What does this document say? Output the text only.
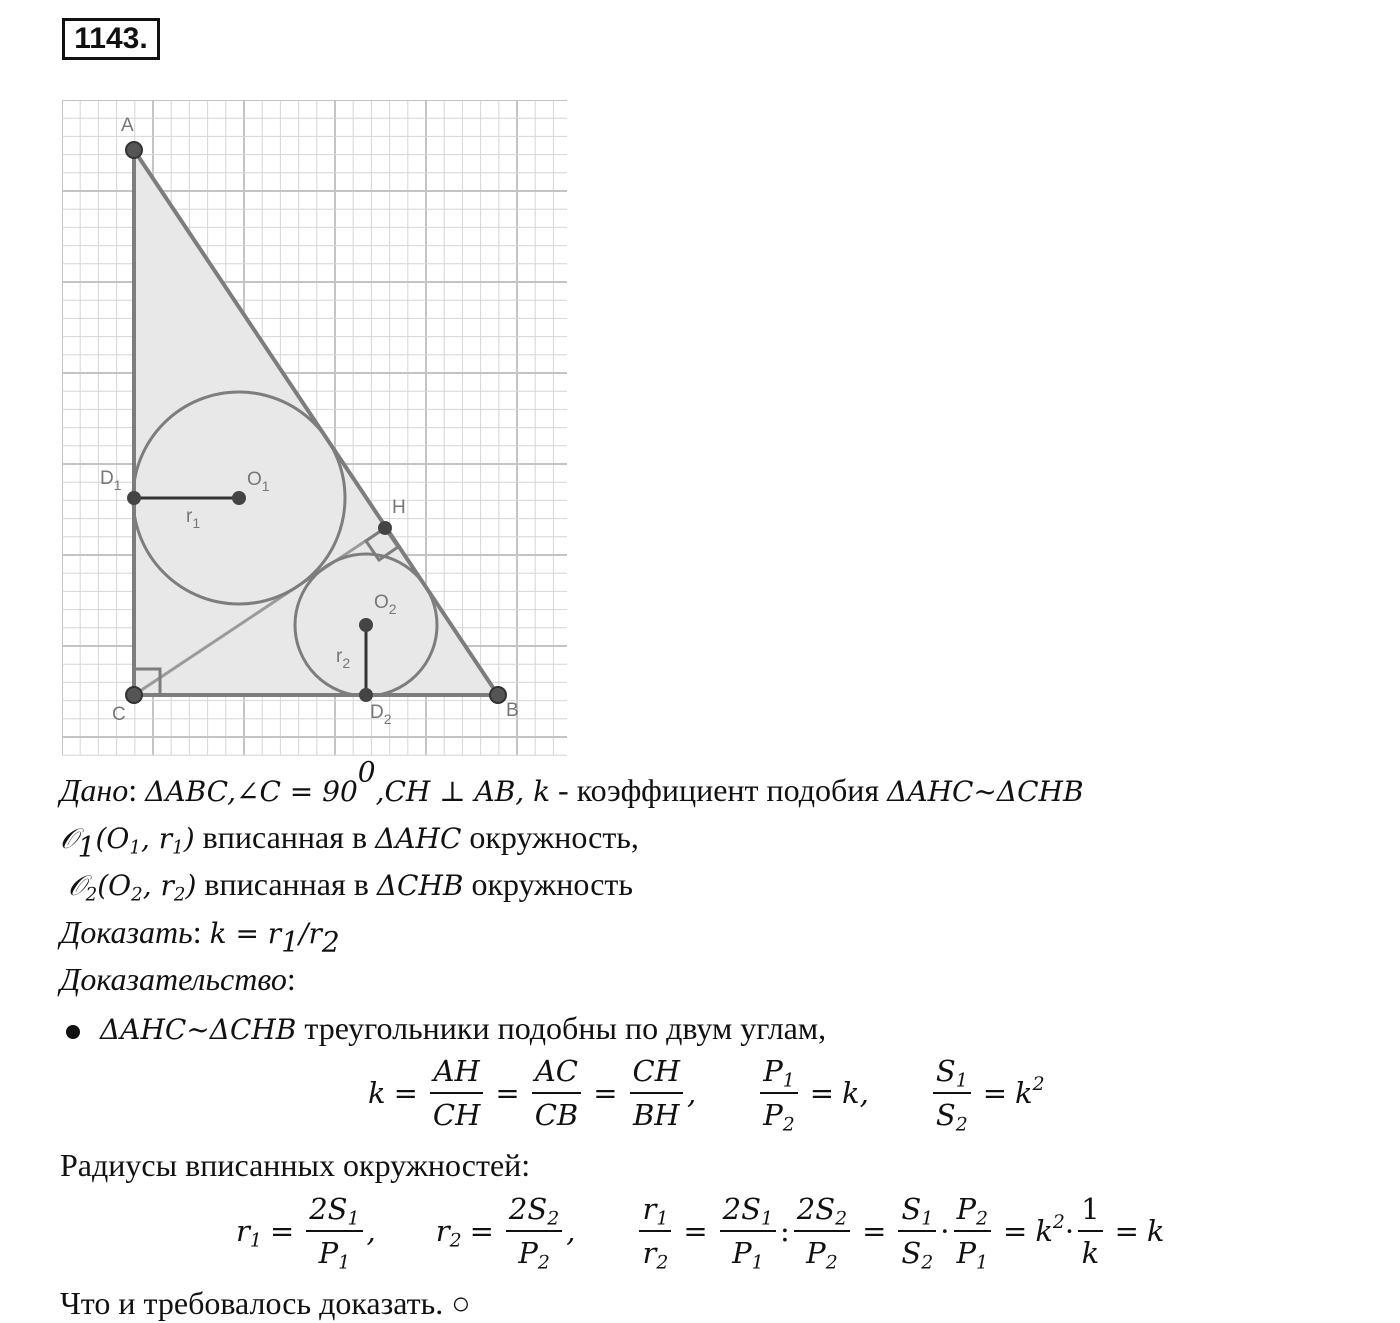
1143.
A
B
C
H
$D_1$	$O_1$
$r_1$
$O_2$
$r_2$
$D_2$
Дано: ΔABC,∠C = $90^0,CH$ ⊥ AB, k - коэффициент подобия ΔAHC~ΔCHB
$𝒪_1(O_1$, $r_1$) вписанная в ΔAHC окружность,
$𝒪_2(O_2$, $r_2$) вписанная в ΔCHB окружность
Доказать: $k = r_1/r_2$
Доказательство:
ΔAHC~ΔCHB треугольники подобны по двум углам,
$k = \frac{AH}{CH} = \frac{AC}{CB} = \frac{CH}{BH}$ , $\frac{P_1}{P_2} = k$, $\frac{S_1}{S_2} = k^2$
Радиусы вписанных окружностей:
$r_1 = \frac{2S_1}{P_1}$ , $r_2 = \frac{2S_2}{P_2}$ , $\frac{r_1}{r_2} = \frac{2S_1}{P_1}$ : $\frac{2S_2}{P_2} = \frac{S_1}{S_2} \cdot \frac{P_2}{P_1} = k^2\cdot \frac{1}{k} = k$
Что и требовалось доказать. ○
